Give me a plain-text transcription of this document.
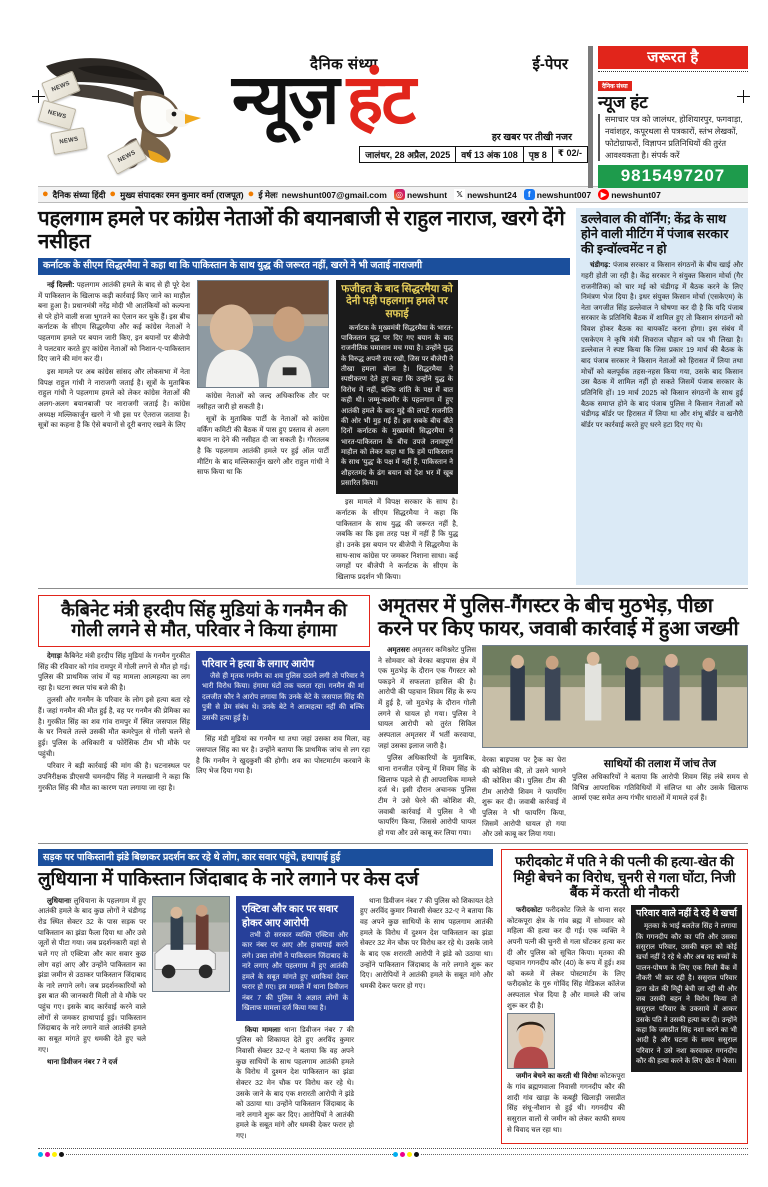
NEWS
NEWS
NEWS
NEWS
दैनिक संध्या	ई-पेपर
न्यूज़ हंट	हर खबर पर तीखी नजर
जालंधर, 28 अप्रैल, 2025	वर्ष 13 अंक 108	पृष्ठ 8	₹ 02/-
जरूरत है
दैनिक संध्या
न्यूज हंट
समाचार पत्र को जालंधर, होशियारपुर, फगवाड़ा, नवांशहर, कपूरथला से पत्रकारों, स्तंभ लेखकों, फोटोग्राफरों, विज्ञापन प्रतिनिधियों की तुरंत आवश्यकता है। संपर्क करें
9815497207
● दैनिक संध्या हिंदी ● मुख्य संपादकः रमन कुमार वर्मा (राजपूत) ● ई मेलः newshunt007@gmail.com ◎ newshunt 𝕏 newshunt24	f newshunt007	▶ newshunt07
पहलगाम हमले पर कांग्रेस नेताओं की बयानबाजी से राहुल नाराज, खरगे देंगे नसीहत
कर्नाटक के सीएम सिद्धरमैया ने कहा था कि पाकिस्तान के साथ युद्ध की जरूरत नहीं, खरगे ने भी जताई नाराजगी

नई दिल्ली: पहलगाम आतंकी हमले के बाद से ही पूरे देश में पाकिस्तान के खिलाफ कड़ी कार्रवाई किए जाने का माहौल बना हुआ है। प्रधानमंत्री नरेंद्र मोदी भी आतंकियों को कल्पना से परे होने वाली सजा भुगतने का ऐलान कर चुके हैं। इस बीच कर्नाटक के सीएम सिद्धरमैया और कई कांग्रेस नेताओं ने पहलगाम हमले पर बयान जारी किए, इन बयानों पर बीजेपी ने पलटवार करते हुए कांग्रेस नेताओं को निशान-ए-पाकिस्तान दिए जाने की मांग कर दी।

इस मामले पर अब कांग्रेस सांसद और लोकसभा में नेता विपक्ष राहुल गांधी ने नाराजगी जताई है। सूत्रों के मुताबिक राहुल गांधी ने पहलगाम हमले को लेकर कांग्रेस नेताओं की अलग-अलग बयानबाजी पर नाराजगी जताई है। कांग्रेस अध्यक्ष मल्लिकार्जुन खरगे ने भी इस पर ऐतराज जताया है। सूत्रों का कहना है कि ऐसे बयानों से दूरी बनाए रखने के लिए

कांग्रेस नेताओं को जल्द अधिकारिक तौर पर नसीहत जारी हो सकती है।

सूत्रों के मुताबिक पार्टी के नेताओं को कांग्रेस वर्किंग कमिटी की बैठक में पास हुए प्रस्ताव से अलग बयान ना देने की नसीहत दी जा सकती है। गौरतलब है कि पहलगाम आतंकी हमले पर हुई ऑल पार्टी मीटिंग के बाद मल्लिकार्जुन खरगे और राहुल गांधी ने साफ किया था कि

फजीहत के बाद सिद्धरमैया को देनी पड़ी पहलगाम हमले पर सफाई

कर्नाटक के मुख्यमंत्री सिद्धरमैया के भारत-पाकिस्तान युद्ध पर दिए गए बयान के बाद राजनीतिक घमासान मच गया है। उन्होंने युद्ध के विरुद्ध अपनी राय रखी, जिस पर बीजेपी ने तीखा हमला बोला है। सिद्धरमैया ने स्पष्टीकरण देते हुए कहा कि उन्होंने युद्ध के विरोध में नहीं, बल्कि शांति के पक्ष में बात कही थी। जम्मू-कश्मीर के पहलगाम में हुए आतंकी हमले के बाद मुद्दे की लपटें राजनीति की ओर भी मुड़ गई हैं। इस सबके बीच बीते दिनों कर्नाटक के मुख्यमंत्री सिद्धरमैया ने भारत-पाकिस्तान के बीच उपजे तनावपूर्ण माहौल को लेकर कहा था कि हमें पाकिस्तान के साथ 'युद्ध' के पक्ष में नहीं हैं, पाकिस्तान ने शौहरतमंद के ढंग बयान को देश भर में खूब प्रसारित किया।

इस मामले में विपक्ष सरकार के साथ है। कर्नाटक के सीएम सिद्धरमैया ने कहा कि पाकिस्तान के साथ युद्ध की जरूरत नहीं है, जबकि का कि इस तरह पक्ष में नहीं हैं कि युद्ध हो। उनके इस बयान पर बीजेपी ने सिद्धरमैया के साथ-साथ कांग्रेस पर जमकर निशाना साधा। कई जगहों पर बीजेपी ने कर्नाटक के सीएम के खिलाफ प्रदर्शन भी किया।

डल्लेवाल की वॉर्निंग; केंद्र के साथ होने वाली मीटिंग में पंजाब सरकार की इन्वॉल्वमेंट न हो

चंडीगढ़: पंजाब सरकार व किसान संगठनों के बीच खाई और गहरी होती जा रही है। केंद्र सरकार ने संयुक्त किसान मोर्चा (गैर राजनीतिक) को चार मई को चंडीगढ़ में बैठक करने के लिए निमंत्रण भेज दिया है। इधर संयुक्त किसान मोर्चा (एसकेएम) के नेता जगजीत सिंह डल्लेवाल ने घोषणा कर दी है कि यदि पंजाब सरकार के प्रतिनिधि बैठक में शामिल हुए तो किसान संगठनों को विवश होकर बैठक का बायकॉट करना होगा। इस संबंध में एसकेएम ने कृषि मंत्री शिवराज चौहान को पत्र भी लिखा है। डल्लेवाल ने स्पष्ट किया कि जिस प्रकार 19 मार्च की बैठक के बाद पंजाब सरकार ने किसान नेताओं को हिरासत में लिया तथा मोर्चों को बलपूर्वक तहस-नहस किया गया, उसके बाद किसान उस बैठक में शामिल नहीं हो सकते जिसमें पंजाब सरकार के प्रतिनिधि हों। 19 मार्च 2025 को किसान संगठनों के साथ हुई बैठक समाप्त होने के बाद पंजाब पुलिस ने किसान नेताओं को चंडीगढ़ बॉर्डर पर हिरासत में लिया था और शंभू बॉर्डर व खनौरी बॉर्डर पर कार्रवाई करते हुए धरने हटा दिए गए थे।

कैबिनेट मंत्री हरदीप सिंह मुडियां के गनमैन की गोली लगने से मौत, परिवार ने किया हंगामा

देगाड़ः कैबिनेट मंत्री हरदीप सिंह मुडियां के गनमैन गुरकीत सिंह की रविवार को गांव रामपुर में गोली लगने से मौत हो गई। पुलिस की प्राथमिक जांच में यह मामला आत्महत्या का लग रहा है। घटना स्थल पांच बजे की है।

तुलसी और गनमैन के परिवार के लोग इसे हत्या बता रहे हैं। जहां गनमैन की मौत हुई है, वह पर गनमैन की प्रेमिका का है। गुरकीत सिंह का शव गांव रामपुर में स्थित जसपाल सिंह के घर निचले तल्ले उसकी मौत कमरेपुल से गोली चलने से हुई। पुलिस के अधिकारी व फोरेंसिक टीम भी मौके पर पहुंची।

परिवार ने बड़ी कार्रवाई की मांग की है। घटनास्थल पर उपनिरीक्षक डीएसपी चमनदीप सिंह ने मलखानी ने कहा कि गुरकीत सिंह की मौत का कारण पता लगाया जा रहा है।

परिवार ने हत्या के लगाए आरोप

जैसे ही मृतक गनमैन का शव पुलिस उठाने लगी तो परिवार ने भारी विरोध किया। हंगामा घंटों तक चलता रहा। गनमैन की मां दलजीत कौर ने आरोप लगाया कि उनके बेटे के जसपाल सिंह की पुत्री से प्रेम संबंध थे। उनके बेटे ने आत्महत्या नहीं की बल्कि उसकी हत्या हुई है।

सिंह मंडी मुडियां का गनमैन था तथा जहां उसका शव मिला, वह जसपाल सिंह का घर है। उन्होंने बताया कि प्राथमिक जांच से लग रहा है कि गनमैन ने खुदकुशी की होगी। शव का पोस्टमार्टम करवाने के लिए भेज दिया गया है।

अमृतसर में पुलिस-गैंगस्टर के बीच मुठभेड़, पीछा करने पर किए फायर, जवाबी कार्रवाई में हुआ जख्मी

अमृतसरः अमृतसर कमिश्नरेट पुलिस ने सोमवार को वेरका बाइपास क्षेत्र में एक मुठभेड़ के दौरान एक गैंगस्टर को पकड़ने में सफलता हासिल की है। आरोपी की पहचान शिवम सिंह के रूप में हुई है, जो मुठभेड़ के दौरान गोली लगने से घायल हो गया। पुलिस ने घायल आरोपी को तुरंत सिविल अस्पताल अमृतसर में भर्ती करवाया, जहां उसका इलाज जारी है।

पुलिस अधिकारियों के मुताबिक, थाना रानजीत एवेन्यू में शिवम सिंह के खिलाफ पहले से ही आपराधिक मामले दर्ज थे। इसी दौरान अचानक पुलिस टीम ने उसे घेरने की कोशिश की, जवाबी कार्रवाई में पुलिस ने भी फायरिंग किया, जिससे आरोपी घायल हो गया और उसे काबू कर लिया गया।

वेरका बाइपास पर ट्रैक का घेरा की कोशिश की, तो उसने भागने की कोशिश की। पुलिस टीम की टीम आरोपी शिवम ने फायरिंग शुरू कर दी। जवाबी कार्रवाई में पुलिस ने भी फायरिंग किया, जिसमें आरोपी घायल हो गया और उसे काबू कर लिया गया।
साथियों की तलाश में जांच तेज
पुलिस अधिकारियों ने बताया कि आरोपी शिवम सिंह लंबे समय से विभिन्न आपराधिक गतिविधियों में संलिप्त था और उसके खिलाफ आर्म्स एक्ट समेत अन्य गंभीर धाराओं में मामले दर्ज हैं।
सड़क पर पाकिस्तानी झंडे बिछाकर प्रदर्शन कर रहे थे लोग, कार सवार पहुंचे, हथापाई हुई
लुधियाना में पाकिस्तान जिंदाबाद के नारे लगाने पर केस दर्ज

लुधियानाः लुधियाना के पहलगाम में हुए आतंकी हमले के बाद कुछ लोगों ने चंडीगढ़ रोड स्थित सेक्टर 32 के पास सड़क पर पाकिस्तान का झंडा फैला दिया था और उसे जूतों से पीटा गया। जब प्रदर्शनकारी वहां से चले गए तो एक्टिवा और कार सवार कुछ लोग वहां आए और उन्होंने पाकिस्तान का झंडा जमीन से उठाकर पाकिस्तान जिंदाबाद के नारे लगाने लगे। जब प्रदर्शनकारियों को इस बात की जानकारी मिली तो वे मौके पर पहुंच गए। इसके बाद कार्रवाई करने वाले लोगों से जमकर हाथापाई हुई। पाकिस्तान जिंदाबाद के नारे लगाने वाले आतंकी हमले का सबूत मांगते हुए धमकी देते हुए चले गए।

थाना डिवीजन नंबर 7 ने दर्ज

एक्टिवा और कार पर सवार होकर आए आरोपी

तभी दो सरकार व्यक्ति एक्टिवा और कार नंबर पर आए और हाथापाई करने लगे। उक्त लोगों ने पाकिस्तान जिंदाबाद के नारे लगाए और पहलगाम में हुए आतंकी हमले के सबूत मांगते हुए धमकियां देकर फरार हो गए। इस मामले में थाना डिवीजन नंबर 7 की पुलिस ने अज्ञात लोगों के खिलाफ मामला दर्ज किया गया है।

किया मामलाः थाना डिवीजन नंबर 7 की पुलिस को शिकायत देते हुए अरविंद कुमार निवासी सेक्टर 32-ए ने बताया कि वह अपने कुछ साथियों के साथ पहलगाम आतंकी हमले के विरोध में दुश्मन देश पाकिस्तान का झंडा सेक्टर 32 मेन चौक पर विरोध कर रहे थे। उसके जाने के बाद एक शरारती आरोपी ने झंडे को उठाया था। उन्होंने पाकिस्तान जिंदाबाद के नारे लगाने शुरू कर दिए। आरोपियों ने आतंकी हमले के सबूत मांगे और धमकी देकर फरार हो गए।

थाना डिवीजन नंबर 7 की पुलिस को शिकायत देते हुए अरविंद कुमार निवासी सेक्टर 32-ए ने बताया कि वह अपने कुछ साथियों के साथ पहलगाम आतंकी हमले के विरोध में दुश्मन देश पाकिस्तान का झंडा सेक्टर 32 मेन चौक पर विरोध कर रहे थे। उसके जाने के बाद एक शरारती आरोपी ने झंडे को उठाया था। उन्होंने पाकिस्तान जिंदाबाद के नारे लगाने शुरू कर दिए। आरोपियों ने आतंकी हमले के सबूत मांगे और धमकी देकर फरार हो गए।

फरीदकोट में पति ने की पत्नी की हत्या-खेत की मिट्टी बेचने का विरोध, चुनरी से गला घोंटा, निजी बैंक में करती थी नौकरी

फरीदकोटः फरीदकोट जिले के थाना सदर कोटकपूरा क्षेत्र के गांव ब्रह्म में सोमवार को महिला की हत्या कर दी गई। एक व्यक्ति ने अपनी पत्नी की चुनरी से गला घोंटकर हत्या कर दी और पुलिस को सूचित किया। मृतका की पहचान गगनदीप कौर (40) के रूप में हुई। शव को कब्जे में लेकर पोस्टमार्टम के लिए फरीदकोट के गुरु गोविंद सिंह मेडिकल कॉलेज अस्पताल भेज दिया है और मामले की जांच शुरू कर दी है।

जमीन बेचने का करती थी विरोधः कोटकपूरा के गांव ब्रह्मणवाला निवासी गगनदीप कौर की शादी गांव खाड़ा के कबड्डी खिलाड़ी जसप्रीत सिंह संधू-नौशान से हुई थी। गगनदीप की ससुराल वालों से जमीन को लेकर काफी समय से विवाद चल रहा था।

परिवार वाले नहीं दे रहे थे खर्चा

मृतका के भाई बलतेज सिंह ने लगाया कि गगनदीप कौर का पति और उसका ससुराल परिवार, उसकी बहन को कोई खर्चा नहीं दे रहे थे और अब वह बच्चों के पालन-पोषण के लिए एक निजी बैंक में नौकरी भी कर रही है। ससुराल परिवार द्वारा खेत की मिट्टी बेची जा रही थी और जब उसकी बहन ने विरोध किया तो ससुराल परिवार के उकसावे में आकर उसके पति ने उसकी हत्या कर दी। उन्होंने कहा कि जसप्रीत सिंह नशा करने का भी आदी है और घटना के समय ससुराल परिवार ने उसे नशा करवाकर गगनदीप कौर की हत्या करने के लिए खेत में भेजा।
